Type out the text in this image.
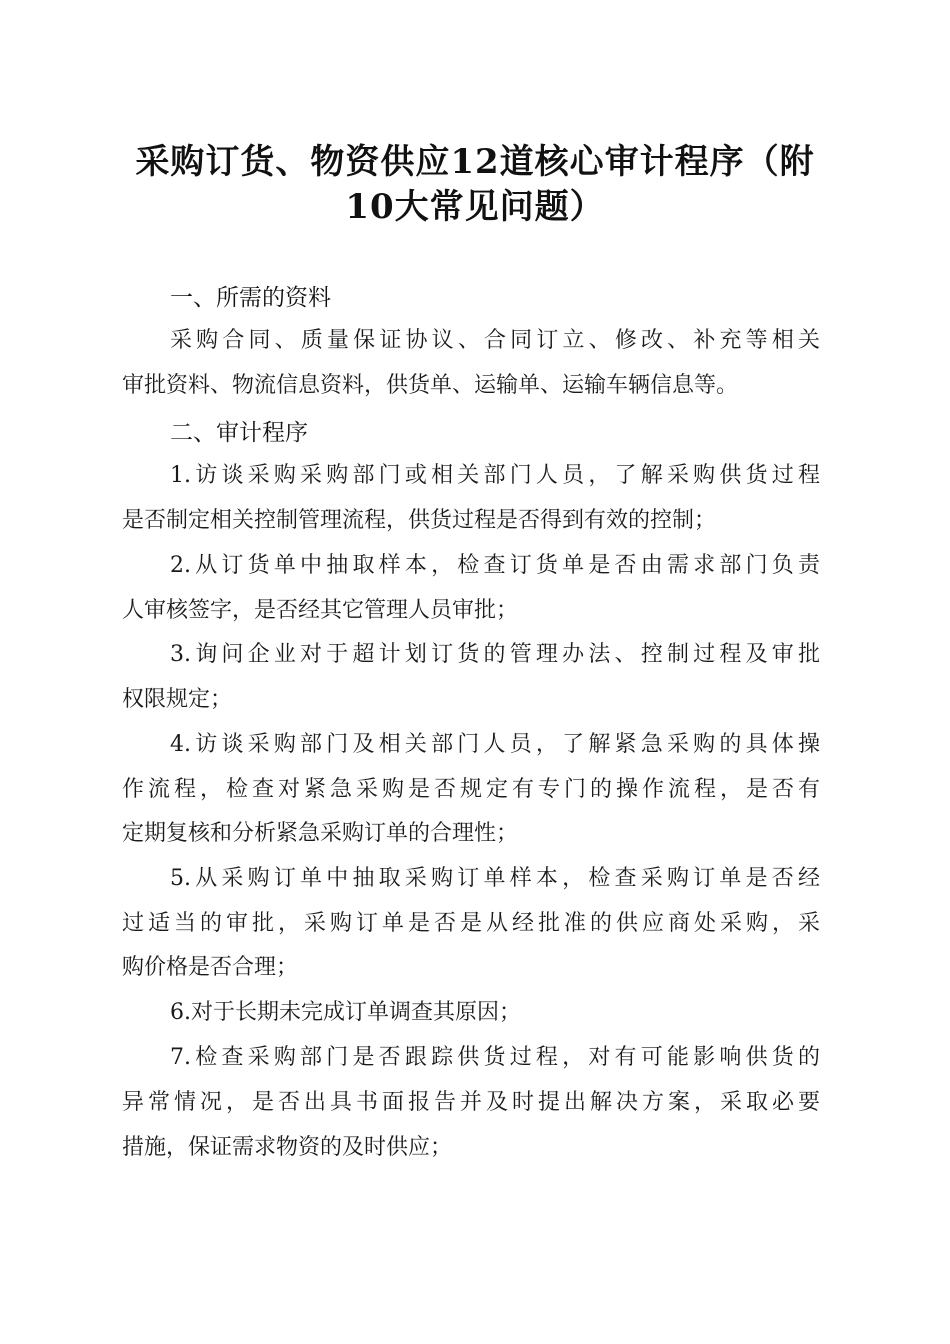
采购订货、物资供应12道核心审计程序（附
10大常见问题）
一、所需的资料
采购合同、质量保证协议、合同订立、修改、补充等相关
审批资料、物流信息资料，供货单、运输单、运输车辆信息等。
二、审计程序
1.访谈采购采购部门或相关部门人员，了解采购供货过程
是否制定相关控制管理流程，供货过程是否得到有效的控制；
2.从订货单中抽取样本，检查订货单是否由需求部门负责
人审核签字，是否经其它管理人员审批；
3.询问企业对于超计划订货的管理办法、控制过程及审批
权限规定；
4.访谈采购部门及相关部门人员，了解紧急采购的具体操
作流程，检查对紧急采购是否规定有专门的操作流程，是否有
定期复核和分析紧急采购订单的合理性；
5.从采购订单中抽取采购订单样本，检查采购订单是否经
过适当的审批，采购订单是否是从经批准的供应商处采购，采
购价格是否合理；
6.对于长期未完成订单调查其原因；
7.检查采购部门是否跟踪供货过程，对有可能影响供货的
异常情况，是否出具书面报告并及时提出解决方案，采取必要
措施，保证需求物资的及时供应；
